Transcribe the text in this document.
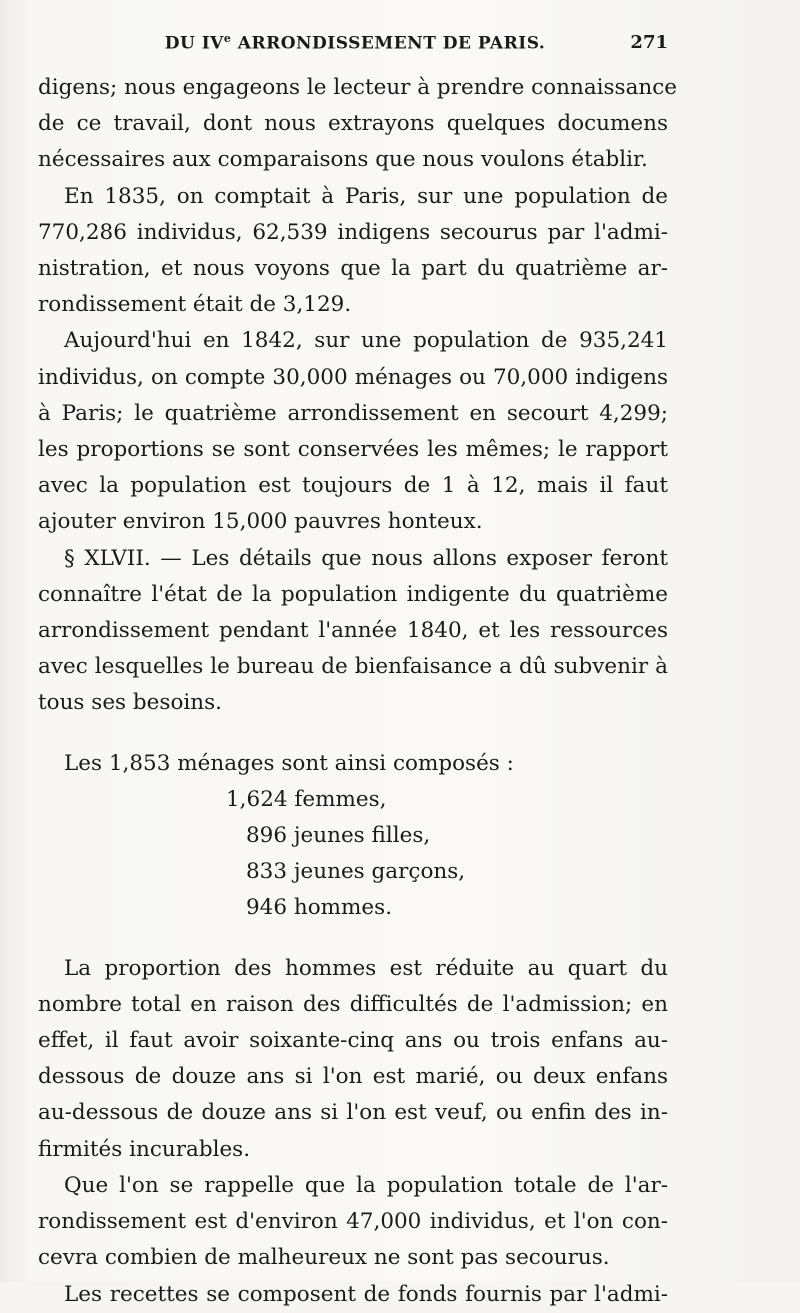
DU IVe ARRONDISSEMENT DE PARIS.	271

digens; nous engageons le lecteur à prendre connaissance
de ce travail, dont nous extrayons quelques documens
nécessaires aux comparaisons que nous voulons établir.

En 1835, on comptait à Paris, sur une population de
770,286 individus, 62,539 indigens secourus par l'admi-
nistration, et nous voyons que la part du quatrième ar-
rondissement était de 3,129.

Aujourd'hui en 1842, sur une population de 935,241
individus, on compte 30,000 ménages ou 70,000 indigens
à Paris; le quatrième arrondissement en secourt 4,299;
les proportions se sont conservées les mêmes; le rapport
avec la population est toujours de 1 à 12, mais il faut
ajouter environ 15,000 pauvres honteux.

§ XLVII. — Les détails que nous allons exposer feront
connaître l'état de la population indigente du quatrième
arrondissement pendant l'année 1840, et les ressources
avec lesquelles le bureau de bienfaisance a dû subvenir à
tous ses besoins.

Les 1,853 ménages sont ainsi composés :

1,624 femmes,
896 jeunes filles,
833 jeunes garçons,
946 hommes.

La proportion des hommes est réduite au quart du
nombre total en raison des difficultés de l'admission; en
effet, il faut avoir soixante-cinq ans ou trois enfans au-
dessous de douze ans si l'on est marié, ou deux enfans
au-dessous de douze ans si l'on est veuf, ou enfin des in-
firmités incurables.

Que l'on se rappelle que la population totale de l'ar-
rondissement est d'environ 47,000 individus, et l'on con-
cevra combien de malheureux ne sont pas secourus.

Les recettes se composent de fonds fournis par l'admi-
